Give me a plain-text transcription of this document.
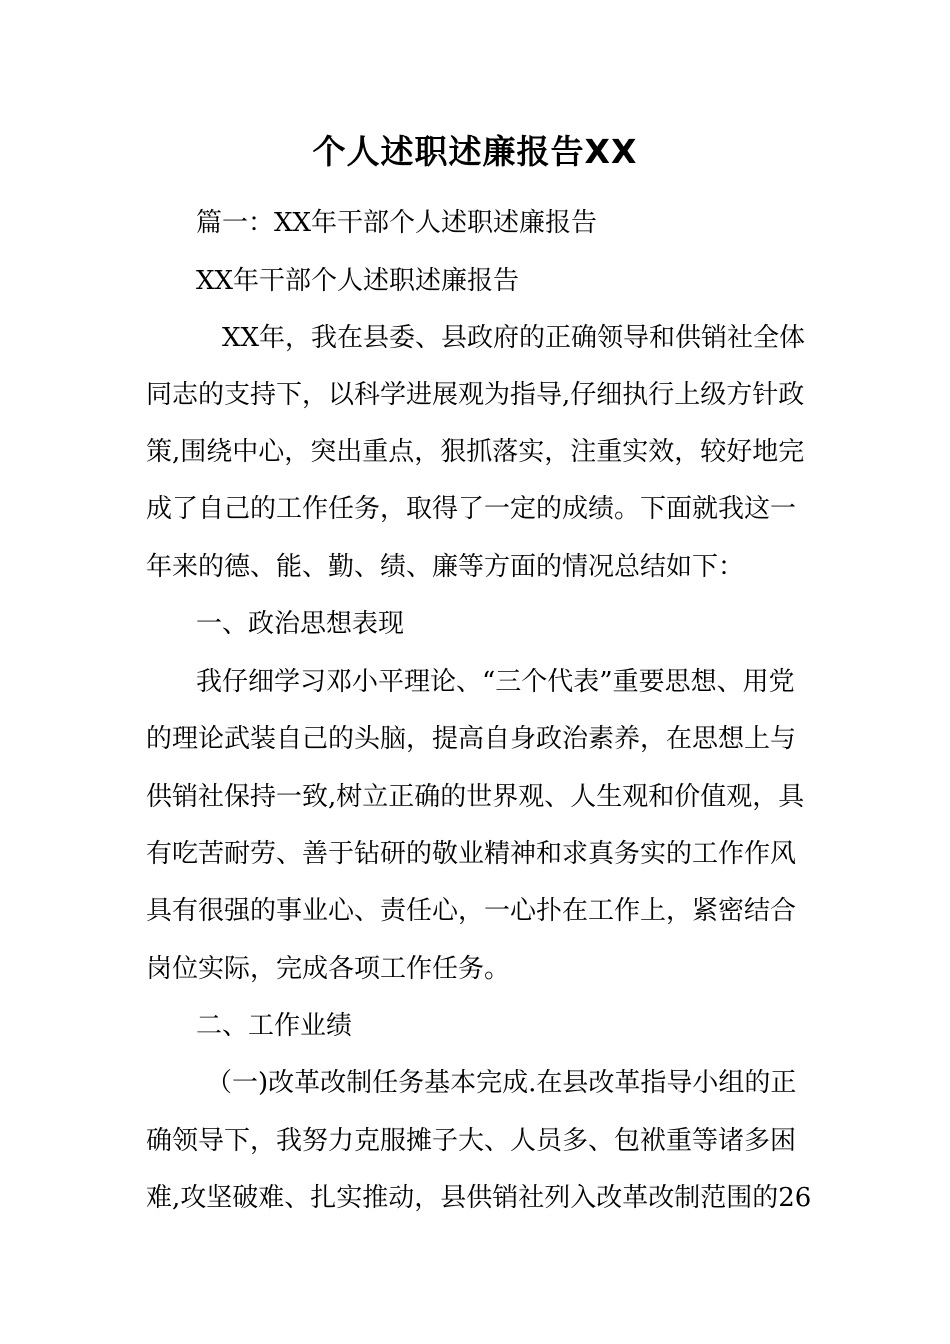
个人述职述廉报告XX

篇一：XX年干部个人述职述廉报告

XX年干部个人述职述廉报告

XX年，我在县委、县政府的正确领导和供销社全体

同志的支持下，以科学进展观为指导,仔细执行上级方针政

策,围绕中心，突出重点，狠抓落实，注重实效，较好地完

成了自己的工作任务，取得了一定的成绩。下面就我这一

年来的德、能、勤、绩、廉等方面的情况总结如下：

一、政治思想表现

我仔细学习邓小平理论、“三个代表”重要思想、用党

的理论武装自己的头脑，提高自身政治素养，在思想上与

供销社保持一致,树立正确的世界观、人生观和价值观，具

有吃苦耐劳、善于钻研的敬业精神和求真务实的工作作风

具有很强的事业心、责任心，一心扑在工作上，紧密结合

岗位实际，完成各项工作任务。

二、工作业绩

（一)改革改制任务基本完成.在县改革指导小组的正

确领导下，我努力克服摊子大、人员多、包袱重等诸多困

难,攻坚破难、扎实推动，县供销社列入改革改制范围的26
